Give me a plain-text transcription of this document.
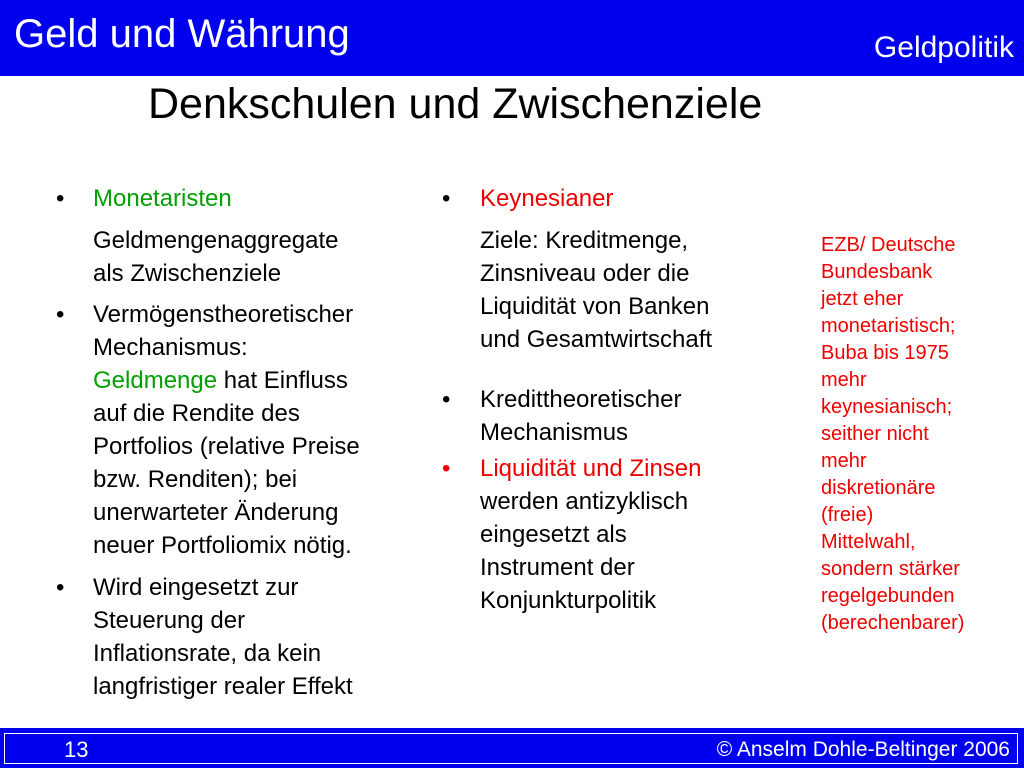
Geld und Währung	Geldpolitik
Denkschulen und Zwischenziele
• Monetaristen
Geldmengenaggregate
als Zwischenziele
• Vermögenstheoretischer
Mechanismus:
Geldmenge hat Einfluss
auf die Rendite des
Portfolios (relative Preise
bzw. Renditen); bei
unerwarteter Änderung
neuer Portfoliomix nötig.
• Wird eingesetzt zur
Steuerung der
Inflationsrate, da kein
langfristiger realer Effekt
• Keynesianer
Ziele: Kreditmenge,
Zinsniveau oder die
Liquidität von Banken
und Gesamtwirtschaft
• Kredittheoretischer
Mechanismus
• Liquidität und Zinsen
werden antizyklisch
eingesetzt als
Instrument der
Konjunkturpolitik
EZB/ Deutsche
Bundesbank
jetzt eher
monetaristisch;
Buba bis 1975
mehr
keynesianisch;
seither nicht
mehr
diskretionäre
(freie)
Mittelwahl,
sondern stärker
regelgebunden
(berechenbarer)
13	© Anselm Dohle-Beltinger 2006
